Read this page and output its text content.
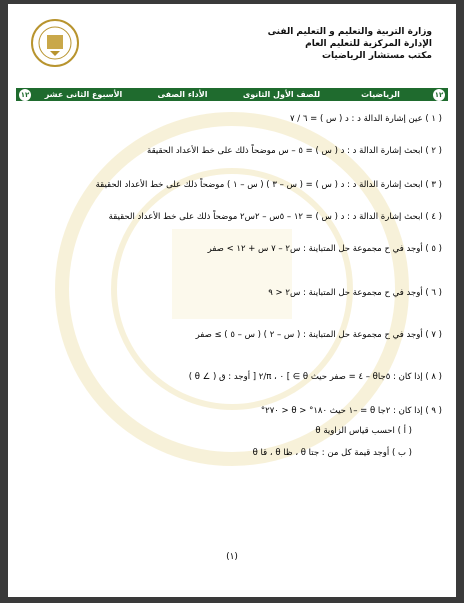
وزارة التربية والتعليم و التعليم الفنى
الإدارة المركزية للتعليم العام
مكتب مستشار الرياضيات
١٢
الرياضيات
للصف الأول الثانوى
الأداء الصفى
الأسبوع الثانى عشر
١٢
( ١ ) عين إشارة الدالة د : د ( س ) = ٦ ∕ ٧
( ٢ ) ابحث إشارة الدالة د : د ( س ) = ٥ – س موضحاً ذلك على خط الأعداد الحقيقة
( ٣ ) ابحث إشارة الدالة د : د ( س ) = ( س – ٣ ) ( س – ١ ) موضحاً ذلك على خط الأعداد الحقيقة
( ٤ ) ابحث إشارة الدالة د : د ( س ) = ١٢ – ٥س – ٢س٢ موضحاً ذلك على خط الأعداد الحقيقة
( ٥ ) أوجد في ح مجموعة حل المتباينة : س٢ – ٧ س + ١٢ > صفر
( ٦ ) أوجد في ح مجموعة حل المتباينة : س٢ < ٩
( ٧ ) أوجد في ح مجموعة حل المتباينة : ( س – ٢ ) ( س – ٥ ) ≥ صفر
( ٨ ) إذا كان : ٥جاθ – ٤ = صفر حيث θ ∋ ] ٠ ، π∕٢ [ أوجد : ق ( ∠ θ )
( ٩ ) إذا كان : ٢جا θ = –١ حيث ١٨٠° < θ < ٢٧٠°
( أ ) احسب قياس الزاوية θ
( ب ) أوجد قيمة كل من : جتا θ ، ظا θ ، قا θ
(١)
